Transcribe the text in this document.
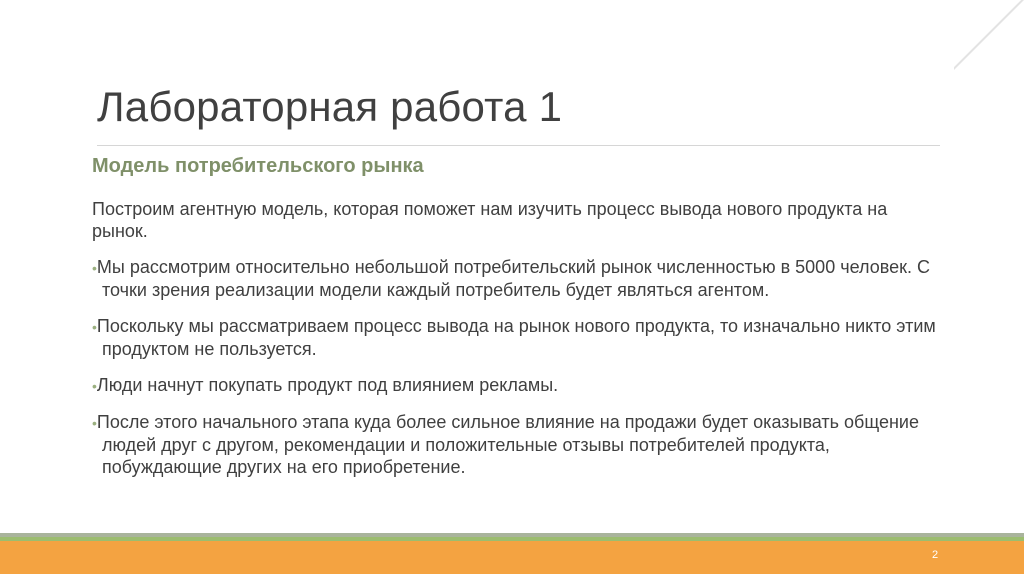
Лабораторная работа 1
Модель потребительского рынка

Построим агентную модель, которая поможет нам изучить процесс вывода нового продукта на рынок.

•Мы рассмотрим относительно небольшой потребительский рынок численностью в 5000 человек. С точки зрения реализации модели каждый потребитель будет являться агентом.

•Поскольку мы рассматриваем процесс вывода на рынок нового продукта, то изначально никто этим продуктом не пользуется.

•Люди начнут покупать продукт под влиянием рекламы.

•После этого начального этапа куда более сильное влияние на продажи будет оказывать общение людей друг с другом, рекомендации и положительные отзывы потребителей продукта, побуждающие других на его приобретение.

2
